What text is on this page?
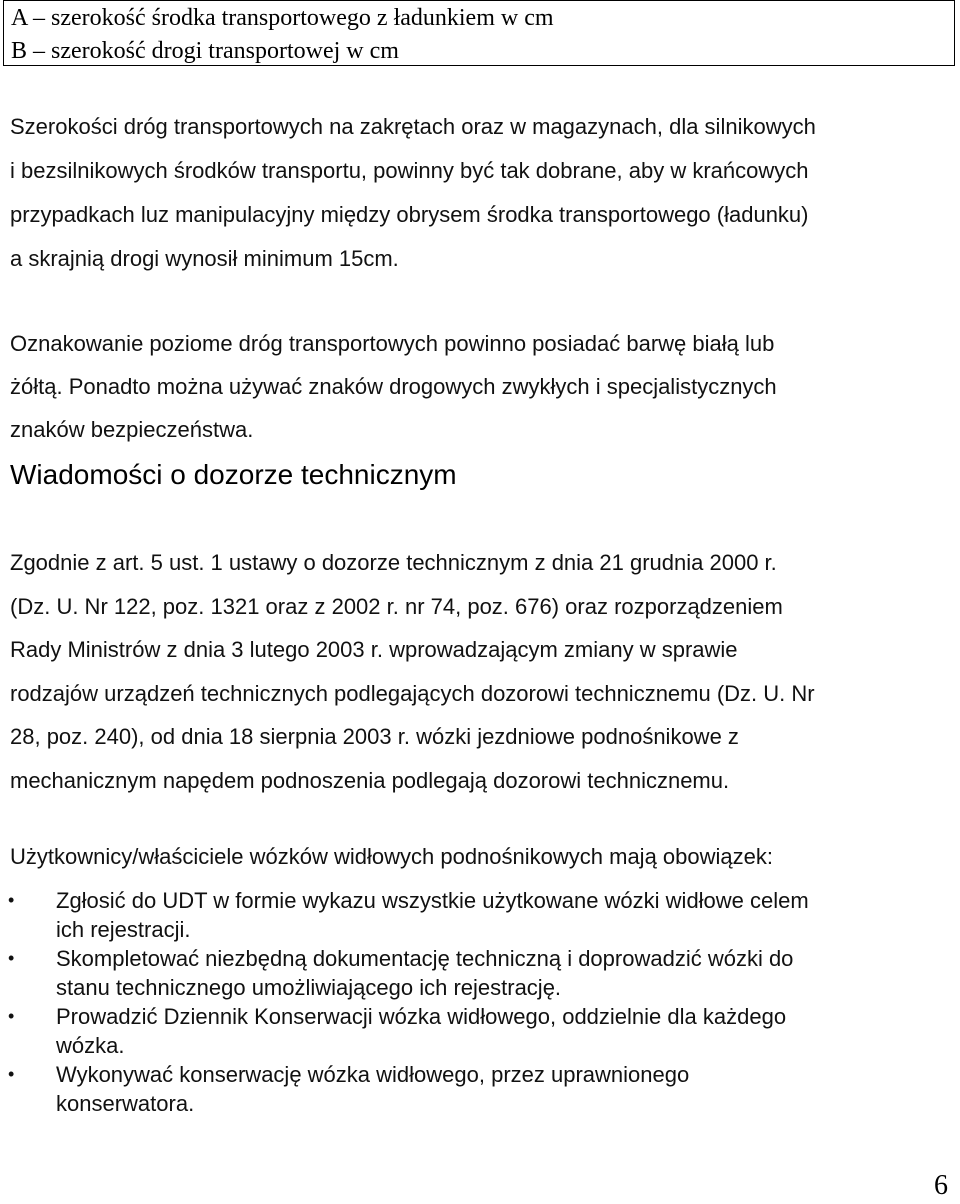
A – szerokość środka transportowego z ładunkiem w cm
B – szerokość drogi transportowej w cm
Szerokości dróg transportowych na zakrętach oraz w magazynach, dla silnikowych
i bezsilnikowych środków transportu, powinny być tak dobrane, aby w krańcowych
przypadkach luz manipulacyjny między obrysem środka transportowego (ładunku)
a skrajnią drogi wynosił minimum 15cm.
Oznakowanie poziome dróg transportowych powinno posiadać barwę białą lub
żółtą. Ponadto można używać znaków drogowych zwykłych i specjalistycznych
znaków bezpieczeństwa.
Wiadomości o dozorze technicznym
Zgodnie z art. 5 ust. 1 ustawy o dozorze technicznym z dnia 21 grudnia 2000 r.
(Dz. U. Nr 122, poz. 1321 oraz z 2002 r. nr 74, poz. 676) oraz rozporządzeniem
Rady Ministrów z dnia 3 lutego 2003 r. wprowadzającym zmiany w sprawie
rodzajów urządzeń technicznych podlegających dozorowi technicznemu (Dz. U. Nr
28, poz. 240), od dnia 18 sierpnia 2003 r. wózki jezdniowe podnośnikowe z
mechanicznym napędem podnoszenia podlegają dozorowi technicznemu.
Użytkownicy/właściciele wózków widłowych podnośnikowych mają obowiązek:
• Zgłosić do UDT w formie wykazu wszystkie użytkowane wózki widłowe celem
ich rejestracji.
• Skompletować niezbędną dokumentację techniczną i doprowadzić wózki do
stanu technicznego umożliwiającego ich rejestrację.
• Prowadzić Dziennik Konserwacji wózka widłowego, oddzielnie dla każdego
wózka.
• Wykonywać konserwację wózka widłowego, przez uprawnionego
konserwatora.
6
